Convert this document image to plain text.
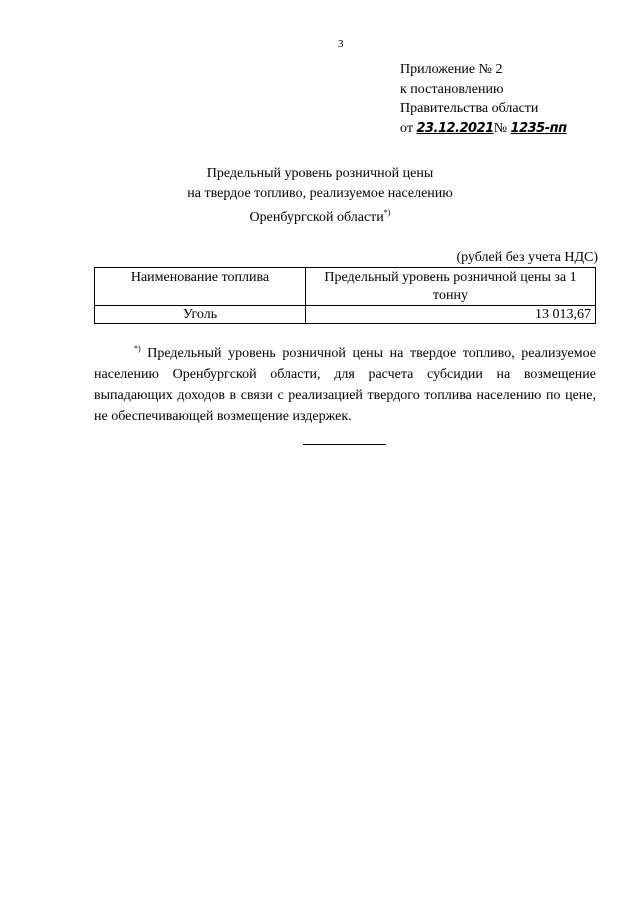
3
Приложение № 2
к постановлению
Правительства области
от 23.12.2021№ 1235-пп
Предельный уровень розничной цены
на твердое топливо, реализуемое населению
Оренбургской области*)
(рублей без учета НДС)
Наименование топлива	Предельный уровень розничной цены за 1 тонну
Уголь	13 013,67
*) Предельный уровень розничной цены на твердое топливо, реализуемое населению Оренбургской области, для расчета субсидии на возмещение выпадающих доходов в связи с реализацией твердого топлива населению по цене, не обеспечивающей возмещение издержек.
